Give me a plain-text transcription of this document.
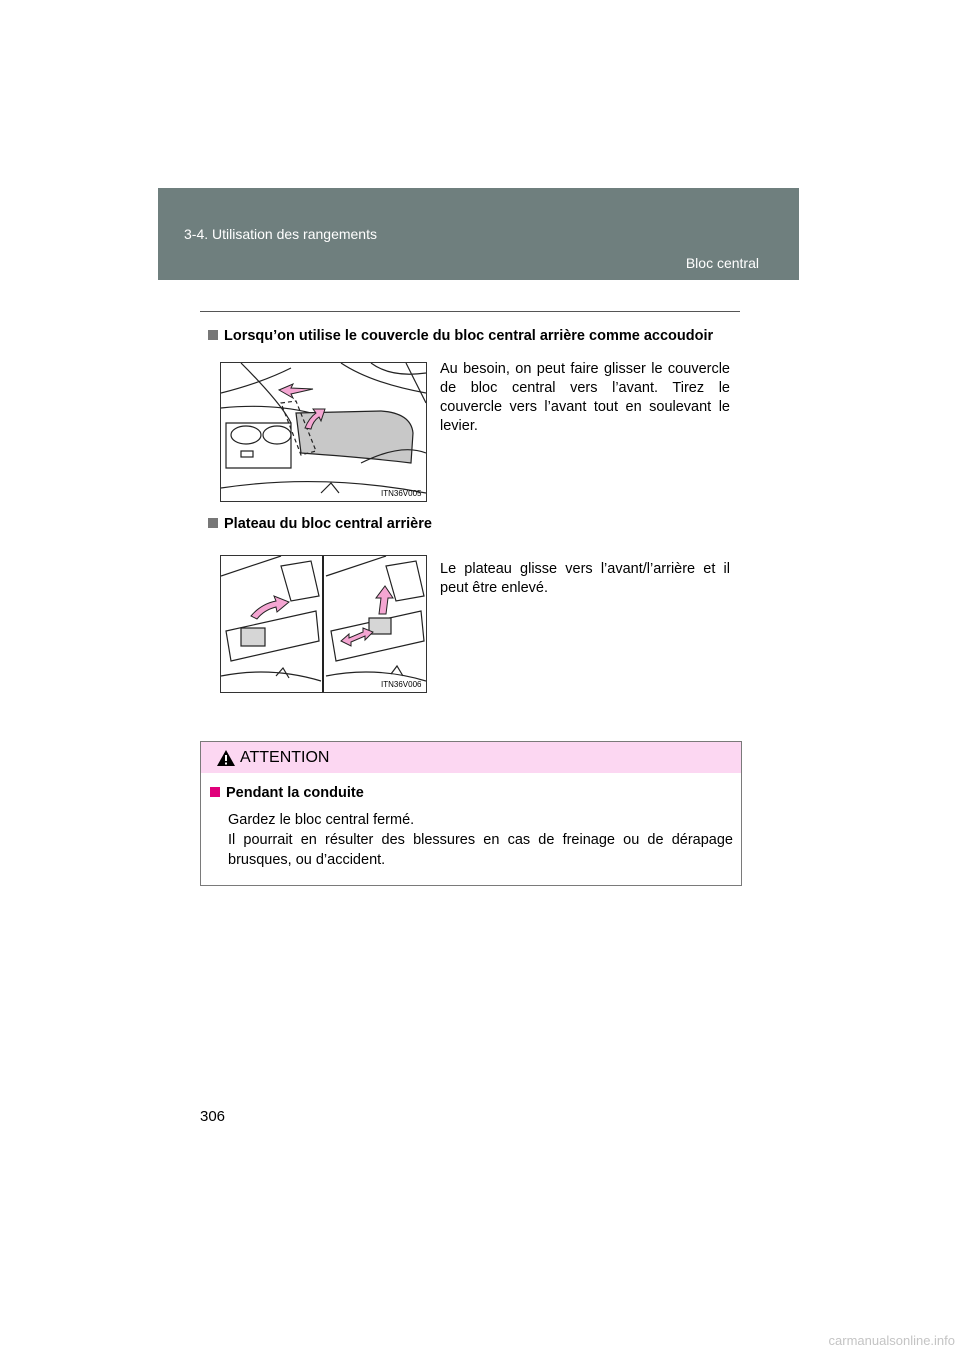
3-4. Utilisation des rangements
Bloc central
Lorsqu’on utilise le couvercle du bloc central arrière comme accoudoir
ITN36V005
Au besoin, on peut faire glisser le couvercle de bloc central vers l’avant. Tirez le couvercle vers l’avant tout en soulevant le levier.
Plateau du bloc central arrière
ITN36V006
Le plateau glisse vers l’avant/l’arrière et il peut être enlevé.
ATTENTION
Pendant la conduite
Gardez le bloc central fermé.
Il pourrait en résulter des blessures en cas de freinage ou de dérapage brusques, ou d’accident.
306
carmanualsonline.info
